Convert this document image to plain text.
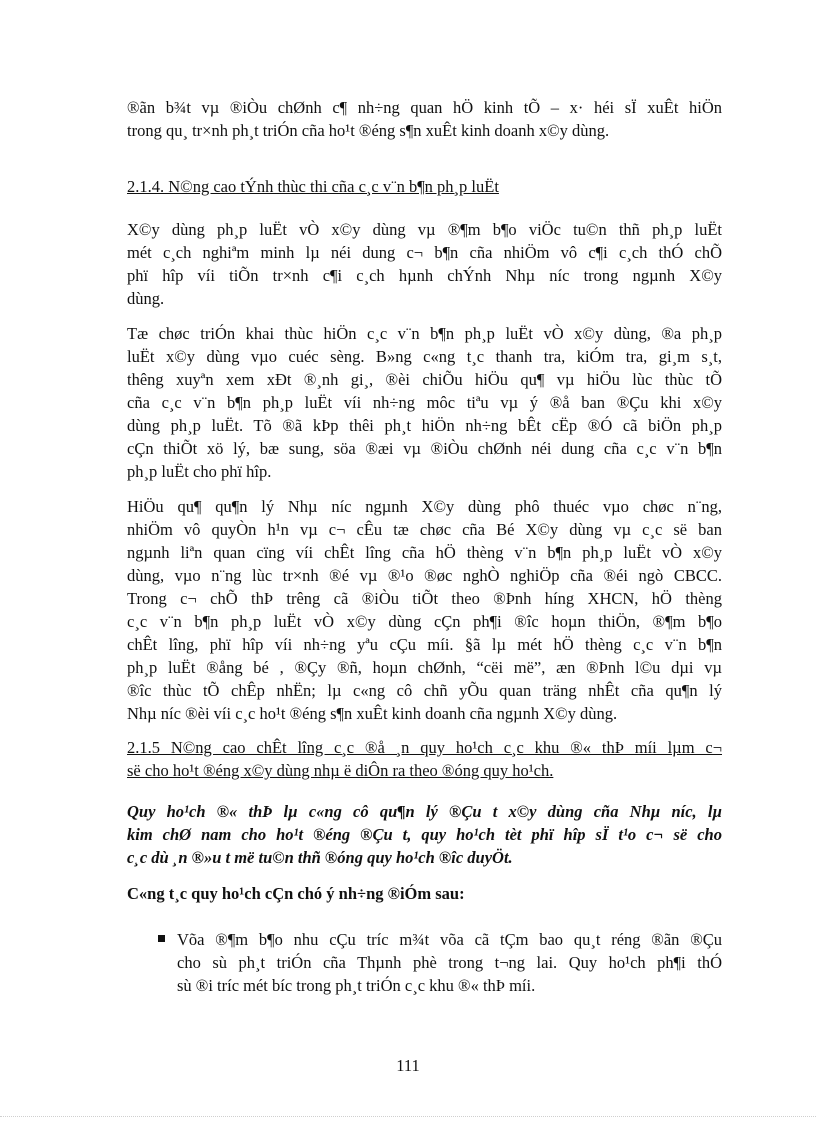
®ãn b¾t vµ ®iÒu chØnh c¶ nh÷ng quan hÖ kinh tÕ – x· héi sÏ xuÊt hiÖn
trong qu¸ tr×nh ph¸t triÓn cña ho¹t ®éng s¶n xuÊt kinh doanh x©y dùng.
2.1.4. N©ng cao tÝnh thùc thi cña c¸c v¨n b¶n ph¸p luËt
X©y dùng ph¸p luËt vÒ x©y dùng vµ ®¶m b¶o viÖc tu©n thñ ph¸p luËt
mét c¸ch nghiªm minh lµ néi dung c¬ b¶n cña nhiÖm vô c¶i c¸ch thÓ chÕ
phï hîp víi tiÕn tr×nh c¶i c¸ch hµnh chÝnh Nhµ níc trong ngµnh X©y
dùng.
Tæ chøc triÓn khai thùc hiÖn c¸c v¨n b¶n ph¸p luËt vÒ x©y dùng, ®a ph¸p
luËt x©y dùng vµo cuéc sèng. B»ng c«ng t¸c thanh tra, kiÓm tra, gi¸m s¸t,
thêng xuyªn xem xÐt ®¸nh gi¸, ®èi chiÕu hiÖu qu¶ vµ hiÖu lùc thùc tÕ
cña c¸c v¨n b¶n ph¸p luËt víi nh÷ng môc tiªu vµ ý ®å ban ®Çu khi x©y
dùng ph¸p luËt. Tõ ®ã kÞp thêi ph¸t hiÖn nh÷ng bÊt cËp ®Ó cã biÖn ph¸p
cÇn thiÕt xö lý, bæ sung, söa ®æi vµ ®iÒu chØnh néi dung cña c¸c v¨n b¶n
ph¸p luËt cho phï hîp.
HiÖu qu¶ qu¶n lý Nhµ níc ngµnh X©y dùng phô thuéc vµo chøc n¨ng,
nhiÖm vô quyÒn h¹n vµ c¬ cÊu tæ chøc cña Bé X©y dùng vµ c¸c së ban
ngµnh liªn quan cïng víi chÊt lîng cña hÖ thèng v¨n b¶n ph¸p luËt vÒ x©y
dùng, vµo n¨ng lùc tr×nh ®é vµ ®¹o ®øc nghÒ nghiÖp cña ®éi ngò CBCC.
Trong c¬ chÕ thÞ trêng cã ®iÒu tiÕt theo ®Þnh híng XHCN, hÖ thèng
c¸c v¨n b¶n ph¸p luËt vÒ x©y dùng cÇn ph¶i ®îc hoµn thiÖn, ®¶m b¶o
chÊt lîng, phï hîp víi nh÷ng yªu cÇu míi. §ã lµ mét hÖ thèng c¸c v¨n b¶n
ph¸p luËt ®ång bé , ®Çy ®ñ, hoµn chØnh, “cëi më”, æn ®Þnh l©u dµi vµ
®îc thùc tÕ chÊp nhËn; lµ c«ng cô chñ yÕu quan träng nhÊt cña qu¶n lý
Nhµ níc ®èi víi c¸c ho¹t ®éng s¶n xuÊt kinh doanh cña ngµnh X©y dùng.
2.1.5 N©ng cao chÊt lîng c¸c ®å ¸n quy ho¹ch c¸c khu ®« thÞ míi lµm c¬
së cho ho¹t ®éng x©y dùng nhµ ë diÔn ra theo ®óng quy ho¹ch.
Quy ho¹ch ®« thÞ lµ c«ng cô qu¶n lý ®Çu t x©y dùng cña Nhµ níc, lµ
kim chØ nam cho ho¹t ®éng ®Çu t, quy ho¹ch tèt phï hîp sÏ t¹o c¬ së cho
c¸c dù ¸n ®»u t më tu©n thñ ®óng quy ho¹ch ®îc duyÖt.
C«ng t¸c quy ho¹ch cÇn chó ý nh÷ng ®iÓm sau:
Võa ®¶m b¶o nhu cÇu tríc m¾t võa cã tÇm bao qu¸t réng ®ãn ®Çu
cho sù ph¸t triÓn cña Thµnh phè trong t¬ng lai. Quy ho¹ch ph¶i thÓ
sù ®i tríc mét bíc trong ph¸t triÓn c¸c khu ®« thÞ míi.
111
